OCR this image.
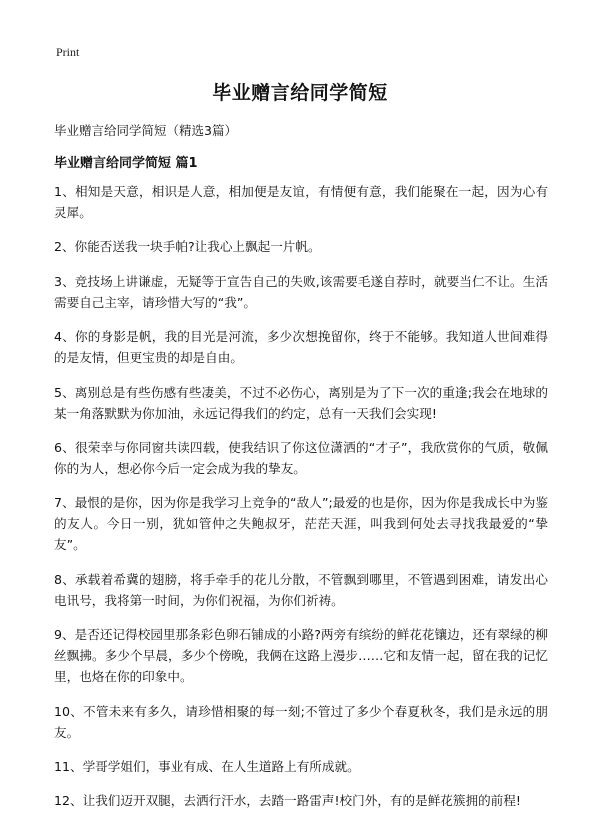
Print
毕业赠言给同学简短
毕业赠言给同学简短（精选3篇）
毕业赠言给同学简短 篇1
1、相知是天意，相识是人意，相加便是友谊，有情便有意，我们能聚在一起，因为心有灵犀。
2、你能否送我一块手帕?让我心上飘起一片帆。
3、竞技场上讲谦虚，无疑等于宣告自己的失败,该需要毛遂自荐时，就要当仁不让。生活需要自己主宰，请珍惜大写的“我”。
4、你的身影是帆，我的目光是河流，多少次想挽留你，终于不能够。我知道人世间难得的是友情，但更宝贵的却是自由。
5、离别总是有些伤感有些凄美，不过不必伤心，离别是为了下一次的重逢;我会在地球的某一角落默默为你加油，永远记得我们的约定，总有一天我们会实现!
6、很荣幸与你同窗共读四载，使我结识了你这位潇洒的“才子”，我欣赏你的气质，敬佩你的为人，想必你今后一定会成为我的挚友。
7、最恨的是你，因为你是我学习上竞争的“敌人”;最爱的也是你，因为你是我成长中为鉴的友人。今日一别，犹如管仲之失鲍叔牙，茫茫天涯，叫我到何处去寻找我最爱的“挚友”。
8、承载着希冀的翅膀，将手牵手的花儿分散，不管飘到哪里，不管遇到困难，请发出心电讯号，我将第一时间，为你们祝福，为你们祈祷。
9、是否还记得校园里那条彩色卵石铺成的小路?两旁有缤纷的鲜花花镶边，还有翠绿的柳丝飘拂。多少个早晨，多少个傍晚，我俩在这路上漫步……它和友情一起，留在我的记忆里，也烙在你的印象中。
10、不管未来有多久，请珍惜相聚的每一刻;不管过了多少个春夏秋冬，我们是永远的朋友。
11、学哥学姐们，事业有成、在人生道路上有所成就。
12、让我们迈开双腿，去洒行汗水，去踏一路雷声!校门外，有的是鲜花簇拥的前程!
